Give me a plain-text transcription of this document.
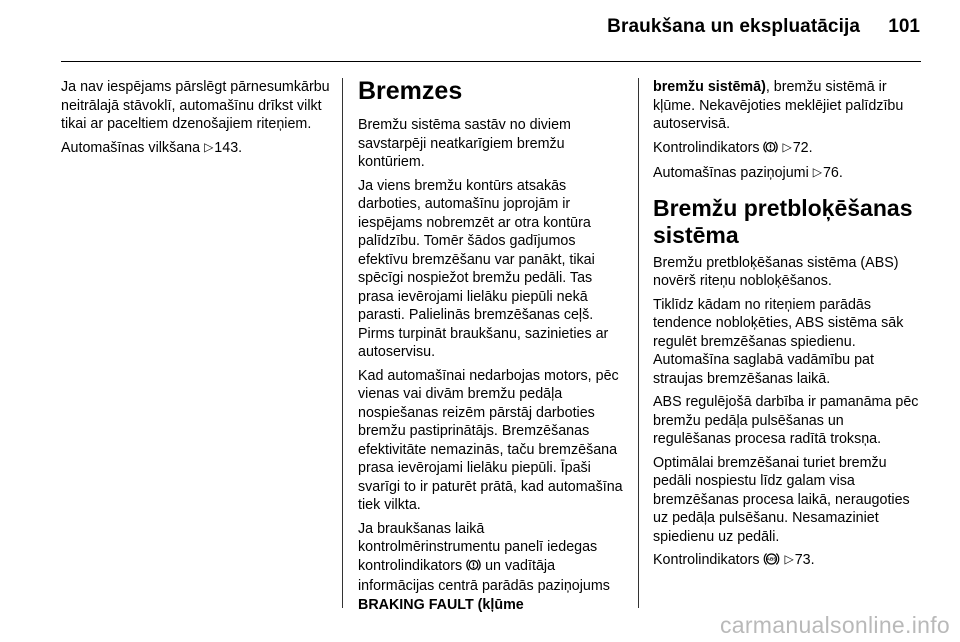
Braukšana un ekspluatācija	101

Ja nav iespējams pārslēgt pārnesumkārbu neitrālajā stāvoklī, automašīnu drīkst vilkt tikai ar paceltiem dzenošajiem riteņiem.

Automašīnas vilkšana ▷143.

Bremzes

Bremžu sistēma sastāv no diviem savstarpēji neatkarīgiem bremžu kontūriem.

Ja viens bremžu kontūrs atsakās darboties, automašīnu joprojām ir iespējams nobremzēt ar otra kontūra palīdzību. Tomēr šādos gadījumos efektīvu bremzēšanu var panākt, tikai spēcīgi nospiežot bremžu pedāli. Tas prasa ievērojami lielāku piepūli nekā parasti. Palielinās bremzēšanas ceļš. Pirms turpināt braukšanu, sazinieties ar autoservisu.

Kad automašīnai nedarbojas motors, pēc vienas vai divām bremžu pedāļa nospiešanas reizēm pārstāj darboties bremžu pastiprinātājs. Bremzēšanas efektivitāte nemazinās, taču bremzēšana prasa ievērojami lielāku piepūli. Īpaši svarīgi to ir paturēt prātā, kad automašīna tiek vilkta.

Ja braukšanas laikā kontrolmērinstrumentu panelī iedegas kontrolindikators un vadītāja informācijas centrā parādās paziņojums BRAKING FAULT (kļūme

bremžu sistēmā), bremžu sistēmā ir kļūme. Nekavējoties meklējiet palīdzību autoservisā.

Kontrolindikators ▷72.

Automašīnas paziņojumi ▷76.

Bremžu pretbloķēšanas sistēma

Bremžu pretbloķēšanas sistēma (ABS) novērš riteņu nobloķēšanos.

Tiklīdz kādam no riteņiem parādās tendence nobloķēties, ABS sistēma sāk regulēt bremzēšanas spiedienu. Automašīna saglabā vadāmību pat straujas bremzēšanas laikā.

ABS regulējošā darbība ir pamanāma pēc bremžu pedāļa pulsēšanas un regulēšanas procesa radītā troksņa.

Optimālai bremzēšanai turiet bremžu pedāli nospiestu līdz galam visa bremzēšanas procesa laikā, neraugoties uz pedāļa pulsēšanu. Nesamaziniet spiedienu uz pedāli.

Kontrolindikators ABS ▷73.

carmanualsonline.info
